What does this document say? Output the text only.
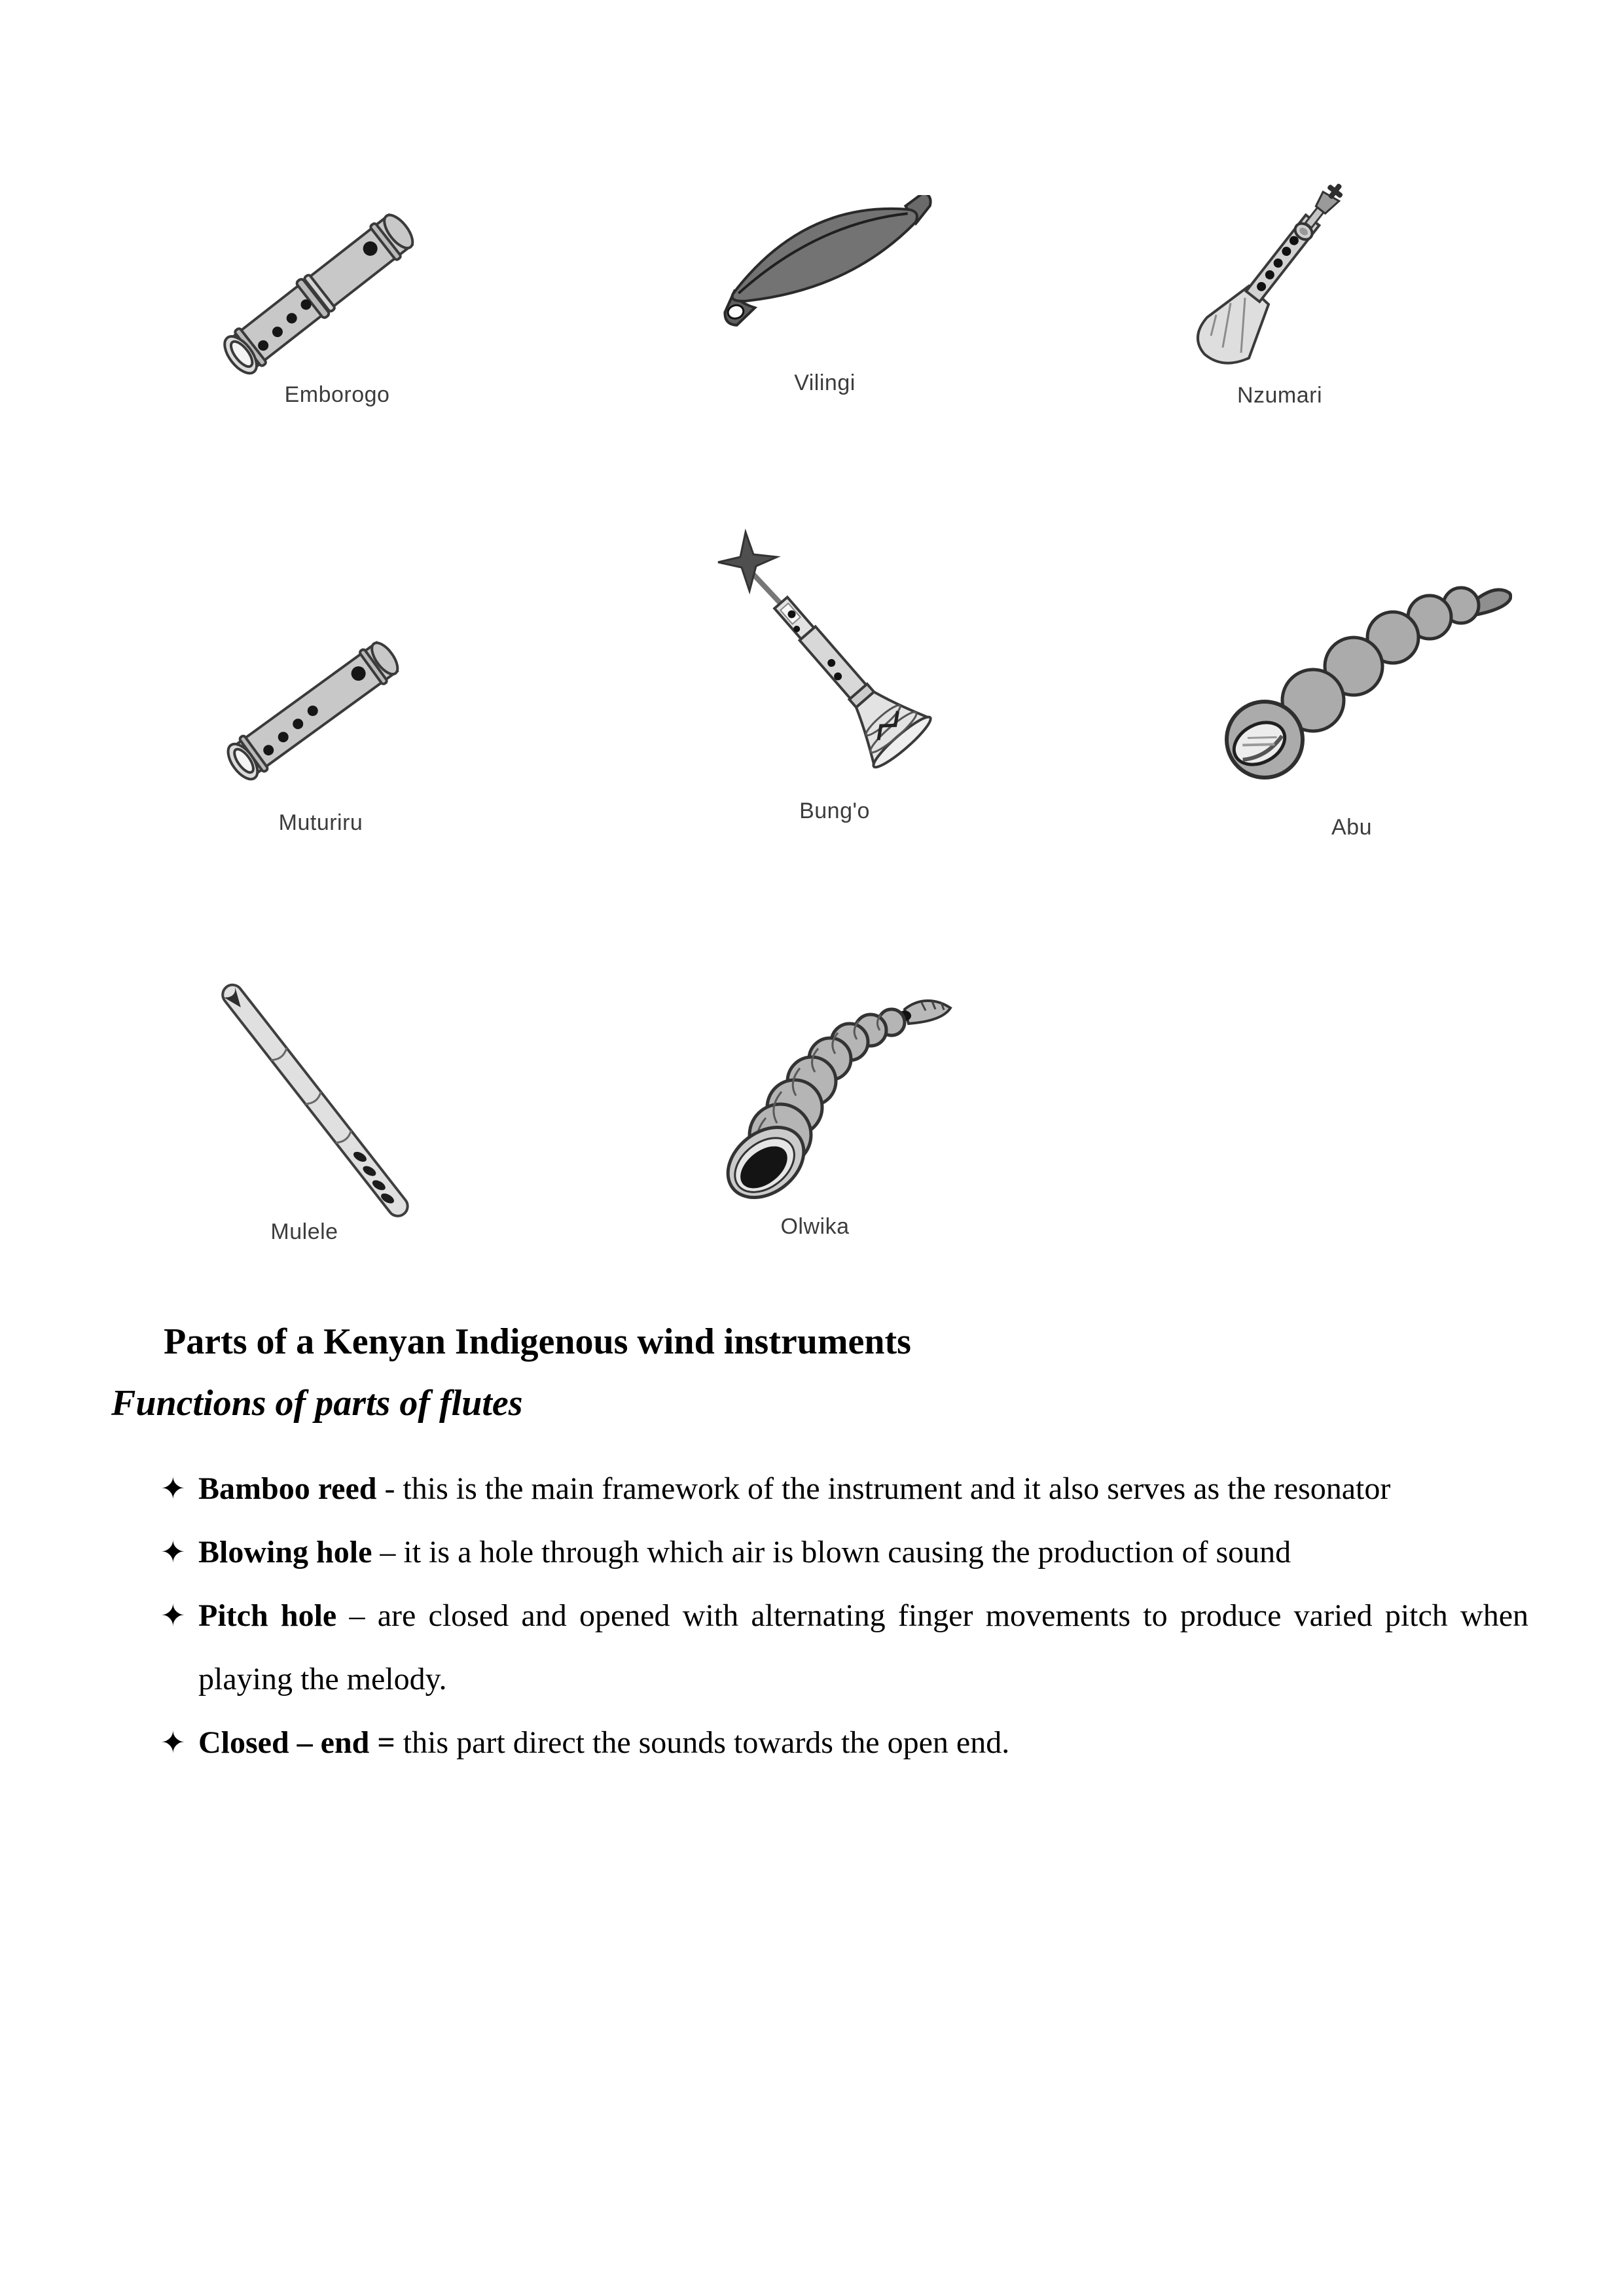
Emborogo	Vilingi	Nzumari
Muturiru	Bung'o
Abu
Mulele	Olwika
Parts of a Kenyan Indigenous wind instruments
Functions of parts of flutes
✦ Bamboo reed - this is the main framework of the instrument and it also serves as the resonator
✦ Blowing hole – it is a hole through which air is blown causing the production of sound
✦ Pitch hole – are closed and opened with alternating finger movements to produce varied pitch when playing the melody.
✦ Closed – end = this part direct the sounds towards the open end.
